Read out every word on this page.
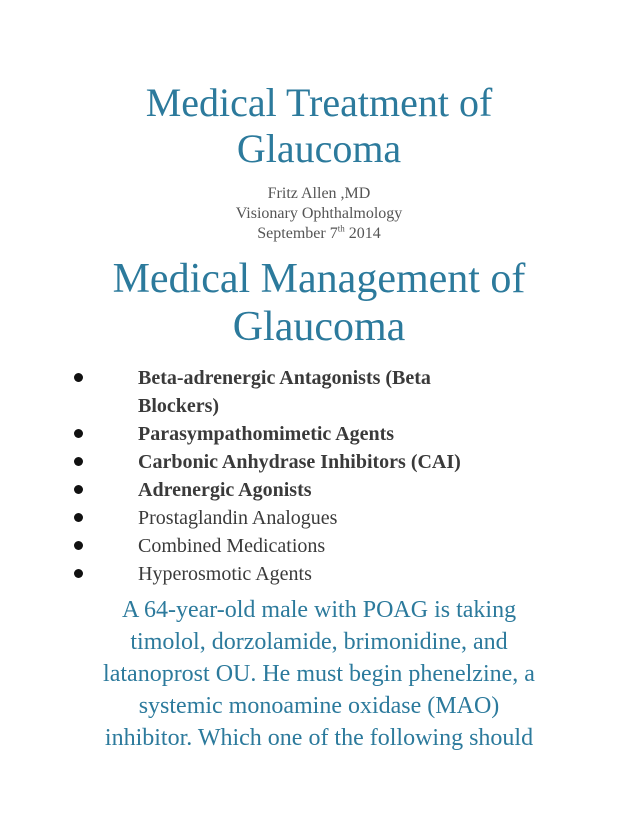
Medical Treatment of
Glaucoma
Fritz Allen ,MD
Visionary Ophthalmology
September 7th 2014
Medical Management of
Glaucoma
Beta-adrenergic Antagonists (Beta
Blockers)
Parasympathomimetic Agents
Carbonic Anhydrase Inhibitors (CAI)
Adrenergic Agonists
Prostaglandin Analogues
Combined Medications
Hyperosmotic Agents
A 64-year-old male with POAG is taking
timolol, dorzolamide, brimonidine, and
latanoprost OU. He must begin phenelzine, a
systemic monoamine oxidase (MAO)
inhibitor. Which one of the following should
